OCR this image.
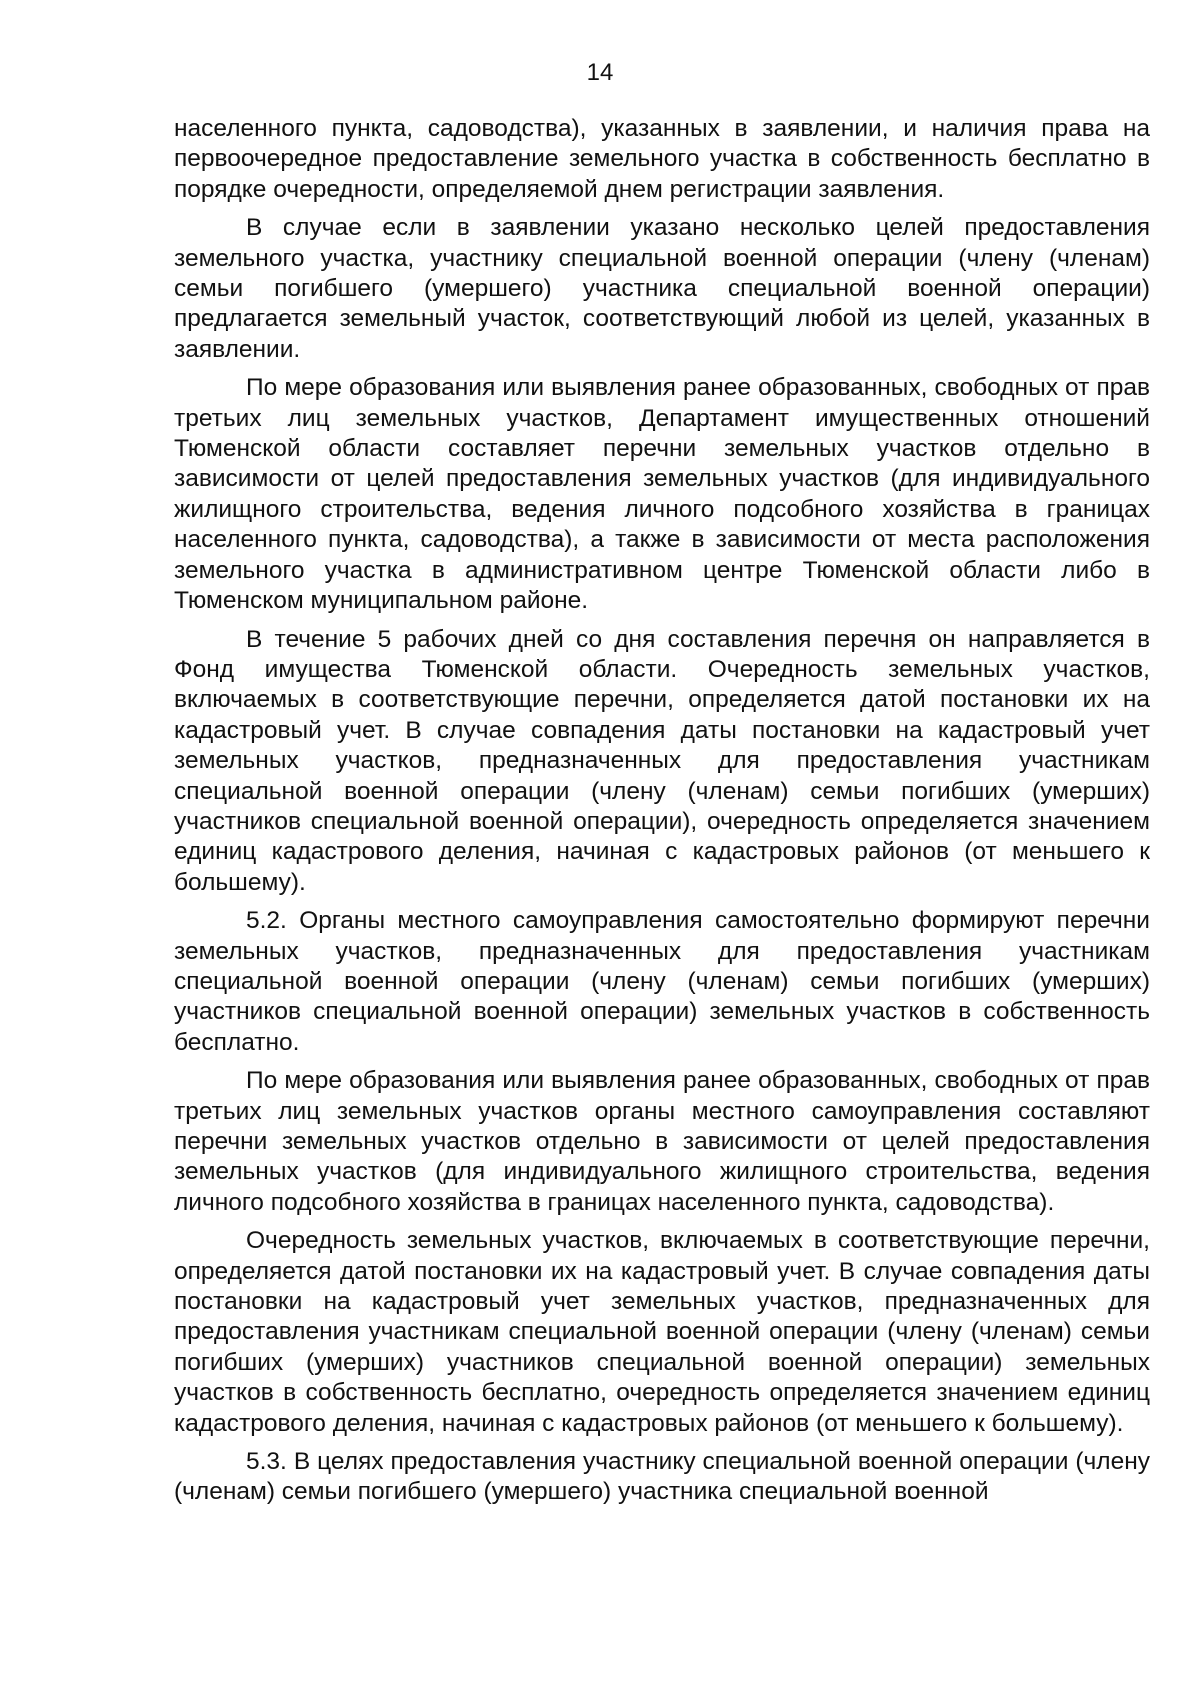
14

населенного пункта, садоводства), указанных в заявлении, и наличия права на первоочередное предоставление земельного участка в собственность бесплатно в порядке очередности, определяемой днем регистрации заявления.

В случае если в заявлении указано несколько целей предоставления земельного участка, участнику специальной военной операции (члену (членам) семьи погибшего (умершего) участника специальной военной операции) предлагается земельный участок, соответствующий любой из целей, указанных в заявлении.

По мере образования или выявления ранее образованных, свободных от прав третьих лиц земельных участков, Департамент имущественных отношений Тюменской области составляет перечни земельных участков отдельно в зависимости от целей предоставления земельных участков (для индивидуального жилищного строительства, ведения личного подсобного хозяйства в границах населенного пункта, садоводства), а также в зависимости от места расположения земельного участка в административном центре Тюменской области либо в Тюменском муниципальном районе.

В течение 5 рабочих дней со дня составления перечня он направляется в Фонд имущества Тюменской области. Очередность земельных участков, включаемых в соответствующие перечни, определяется датой постановки их на кадастровый учет. В случае совпадения даты постановки на кадастровый учет земельных участков, предназначенных для предоставления участникам специальной военной операции (члену (членам) семьи погибших (умерших) участников специальной военной операции), очередность определяется значением единиц кадастрового деления, начиная с кадастровых районов (от меньшего к большему).

5.2. Органы местного самоуправления самостоятельно формируют перечни земельных участков, предназначенных для предоставления участникам специальной военной операции (члену (членам) семьи погибших (умерших) участников специальной военной операции) земельных участков в собственность бесплатно.

По мере образования или выявления ранее образованных, свободных от прав третьих лиц земельных участков органы местного самоуправления составляют перечни земельных участков отдельно в зависимости от целей предоставления земельных участков (для индивидуального жилищного строительства, ведения личного подсобного хозяйства в границах населенного пункта, садоводства).

Очередность земельных участков, включаемых в соответствующие перечни, определяется датой постановки их на кадастровый учет. В случае совпадения даты постановки на кадастровый учет земельных участков, предназначенных для предоставления участникам специальной военной операции (члену (членам) семьи погибших (умерших) участников специальной военной операции) земельных участков в собственность бесплатно, очередность определяется значением единиц кадастрового деления, начиная с кадастровых районов (от меньшего к большему).

5.3. В целях предоставления участнику специальной военной операции (члену (членам) семьи погибшего (умершего) участника специальной военной
